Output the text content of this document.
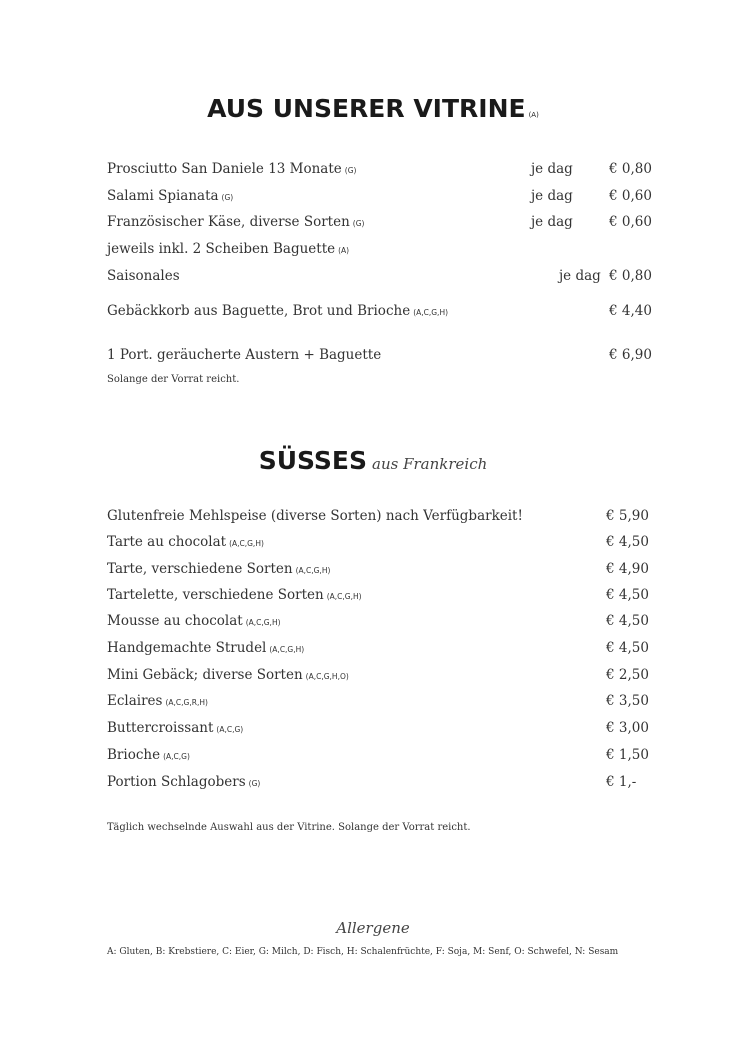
AUS UNSERER VITRINE (A)
Prosciutto San Daniele 13 Monate (G)	je dag	€ 0,80
Salami Spianata (G)	je dag	€ 0,60
Französischer Käse, diverse Sorten (G)	je dag	€ 0,60
jeweils inkl. 2 Scheiben Baguette (A)
Saisonales	je dag € 0,80
Gebäckkorb aus Baguette, Brot und Brioche (A,C,G,H)	€ 4,40
1 Port. geräucherte Austern + Baguette	€ 6,90
Solange der Vorrat reicht.
SÜSSES aus Frankreich
Glutenfreie Mehlspeise (diverse Sorten) nach Verfügbarkeit!	€ 5,90
Tarte au chocolat (A,C,G,H)	€ 4,50
Tarte, verschiedene Sorten (A,C,G,H)	€ 4,90
Tartelette, verschiedene Sorten (A,C,G,H)	€ 4,50
Mousse au chocolat (A,C,G,H)	€ 4,50
Handgemachte Strudel (A,C,G,H)	€ 4,50
Mini Gebäck; diverse Sorten (A,C,G,H,O)	€ 2,50
Eclaires (A,C,G,R,H)	€ 3,50
Buttercroissant (A,C,G)	€ 3,00
Brioche (A,C,G)	€ 1,50
Portion Schlagobers (G)	€ 1,-
Täglich wechselnde Auswahl aus der Vitrine. Solange der Vorrat reicht.
Allergene
A: Gluten, B: Krebstiere, C: Eier, G: Milch, D: Fisch, H: Schalenfrüchte, F: Soja, M: Senf, O: Schwefel, N: Sesam
